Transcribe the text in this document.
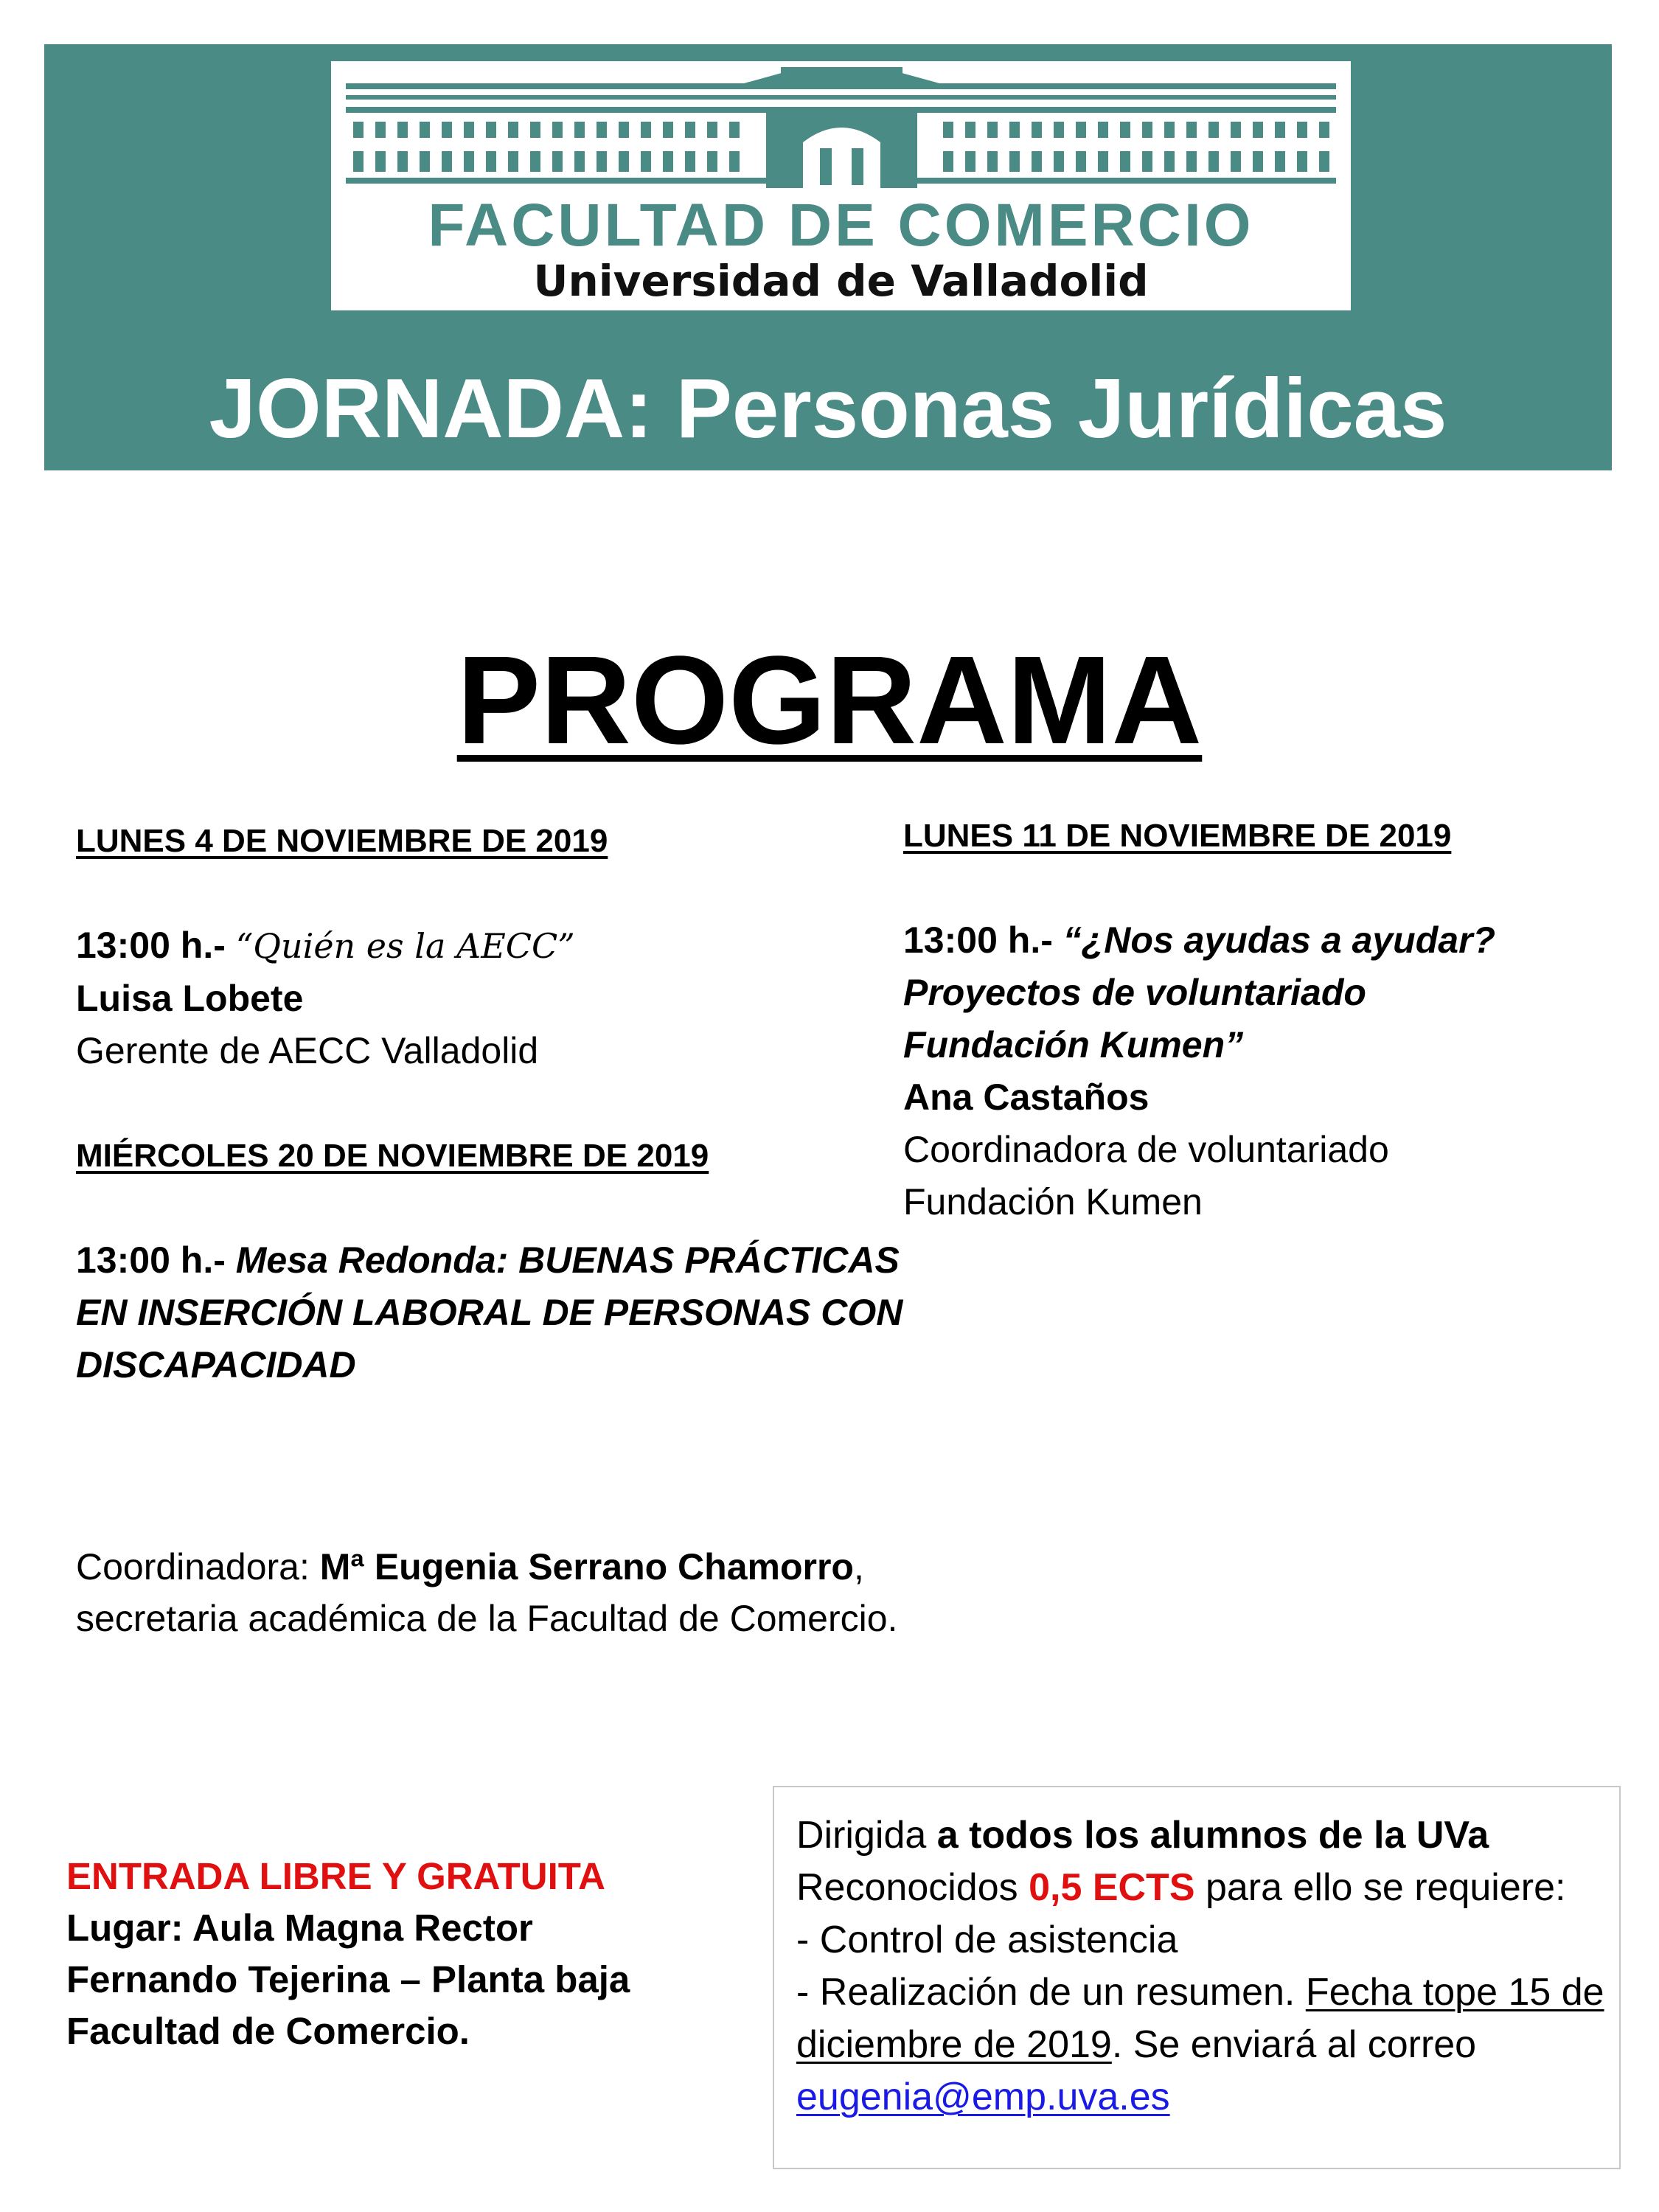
FACULTAD DE COMERCIO
Universidad de Valladolid
JORNADA: Personas Jurídicas
PROGRAMA
LUNES 4 DE NOVIEMBRE DE 2019
13:00 h.- “Quién es la AECC”
Luisa Lobete
Gerente de AECC Valladolid
MIÉRCOLES 20 DE NOVIEMBRE DE 2019
13:00 h.- Mesa Redonda: BUENAS PRÁCTICAS EN INSERCIÓN LABORAL DE PERSONAS CON DISCAPACIDAD
LUNES 11 DE NOVIEMBRE DE 2019
13:00 h.- “¿Nos ayudas a ayudar?
Proyectos de voluntariado
Fundación Kumen”
Ana Castaños
Coordinadora de voluntariado
Fundación Kumen
Coordinadora: Mª Eugenia Serrano Chamorro, secretaria académica de la Facultad de Comercio.
ENTRADA LIBRE Y GRATUITA
Lugar: Aula Magna Rector
Fernando Tejerina – Planta baja
Facultad de Comercio.
Dirigida a todos los alumnos de la UVa
Reconocidos 0,5 ECTS para ello se requiere:
- Control de asistencia
- Realización de un resumen. Fecha tope 15 de diciembre de 2019. Se enviará al correo eugenia@emp.uva.es
